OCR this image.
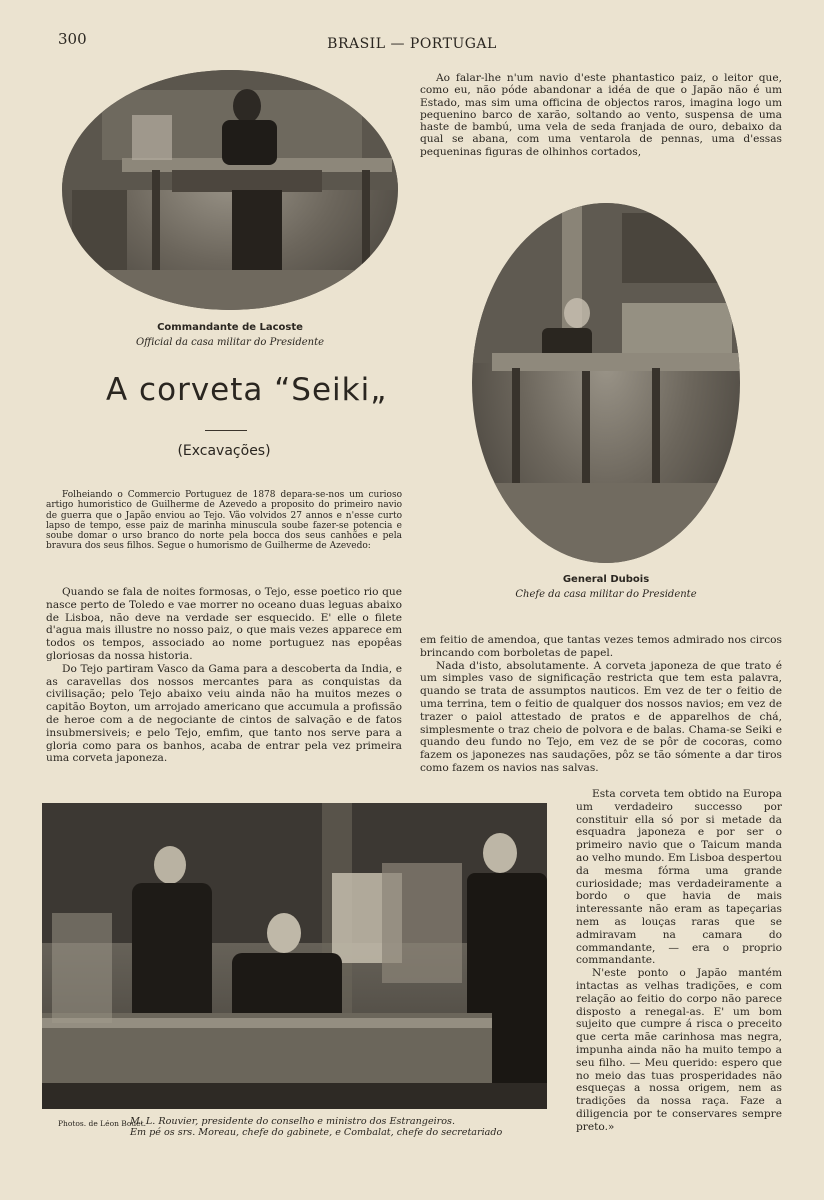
300	BRASIL — PORTUGAL
Commandante de Lacoste
Official da casa militar do Presidente
A corveta “Seiki„
(Excavações)

Folheiando o Commercio Portuguez de 1878 depara-se-nos um curioso artigo humoristico de Guilherme de Azevedo a proposito do primeiro navio de guerra que o Japão enviou ao Tejo. Vão volvidos 27 annos e n'esse curto lapso de tempo, esse paiz de marinha minuscula soube fazer-se potencia e soube domar o urso branco do norte pela bocca dos seus canhões e pela bravura dos seus filhos. Segue o humorismo de Guilherme de Azevedo:

Quando se fala de noites formosas, o Tejo, esse poetico rio que nasce perto de Toledo e vae morrer no oceano duas leguas abaixo de Lisboa, não deve na verdade ser esquecido. E' elle o filete d'agua mais illustre no nosso paiz, o que mais vezes apparece em todos os tempos, associado ao nome portuguez nas epopêas gloriosas da nossa historia.

Do Tejo partiram Vasco da Gama para a descoberta da India, e as caravellas dos nossos mercantes para as conquistas da civilisação; pelo Tejo abaixo veiu ainda não ha muitos mezes o capitão Boyton, um arrojado americano que accumula a profissão de heroe com a de negociante de cintos de salvação e de fatos insubmersiveis; e pelo Tejo, emfim, que tanto nos serve para a gloria como para os banhos, acaba de entrar pela vez primeira uma corveta japoneza.

Ao falar-lhe n'um navio d'este phantastico paiz, o leitor que, como eu, não póde abandonar a idéa de que o Japão não é um Estado, mas sim uma officina de objectos raros, imagina logo um pequenino barco de xarão, soltando ao vento, suspensa de uma haste de bambú, uma vela de seda franjada de ouro, debaixo da qual se abana, com uma ventarola de pennas, uma d'essas pequeninas figuras de olhinhos cortados,

General Dubois
Chefe da casa militar do Presidente

em feitio de amendoa, que tantas vezes temos admirado nos circos brincando com borboletas de papel.

Nada d'isto, absolutamente. A corveta japoneza de que trato é um simples vaso de significação restricta que tem esta palavra, quando se trata de assumptos nauticos. Em vez de ter o feitio de uma terrina, tem o feitio de qualquer dos nossos navios; em vez de trazer o paiol attestado de pratos e de apparelhos de chá, simplesmente o traz cheio de polvora e de balas. Chama-se Seiki e quando deu fundo no Tejo, em vez de se pôr de cocoras, como fazem os japonezes nas saudações, pôz se tão sómente a dar tiros como fazem os navios nas salvas.

Esta corveta tem obtido na Europa um verdadeiro successo por constituir ella só por si metade da esquadra japoneza e por ser o primeiro navio que o Taicum manda ao velho mundo. Em Lisboa despertou da mesma fórma uma grande curiosidade; mas verdadeiramente a bordo o que havia de mais interessante não eram as tapeçarias nem as louças raras que se admiravam na camara do commandante, — era o proprio commandante.

N'este ponto o Japão mantém intactas as velhas tradições, e com relação ao feitio do corpo não parece disposto a renegal-as. E' um bom sujeito que cumpre á risca o preceito que certa mãe carinhosa mas negra, impunha ainda não ha muito tempo a seu filho. — Meu querido: espero que no meio das tuas prosperidades não esqueças a nossa origem, nem as tradições da nossa raça. Faze a diligencia por te conservares sempre preto.»

Photos. de Léon Bouet.
M. L. Rouvier, presidente do conselho e ministro dos Estrangeiros.
Em pé os srs. Moreau, chefe do gabinete, e Combalat, chefe do secretariado
